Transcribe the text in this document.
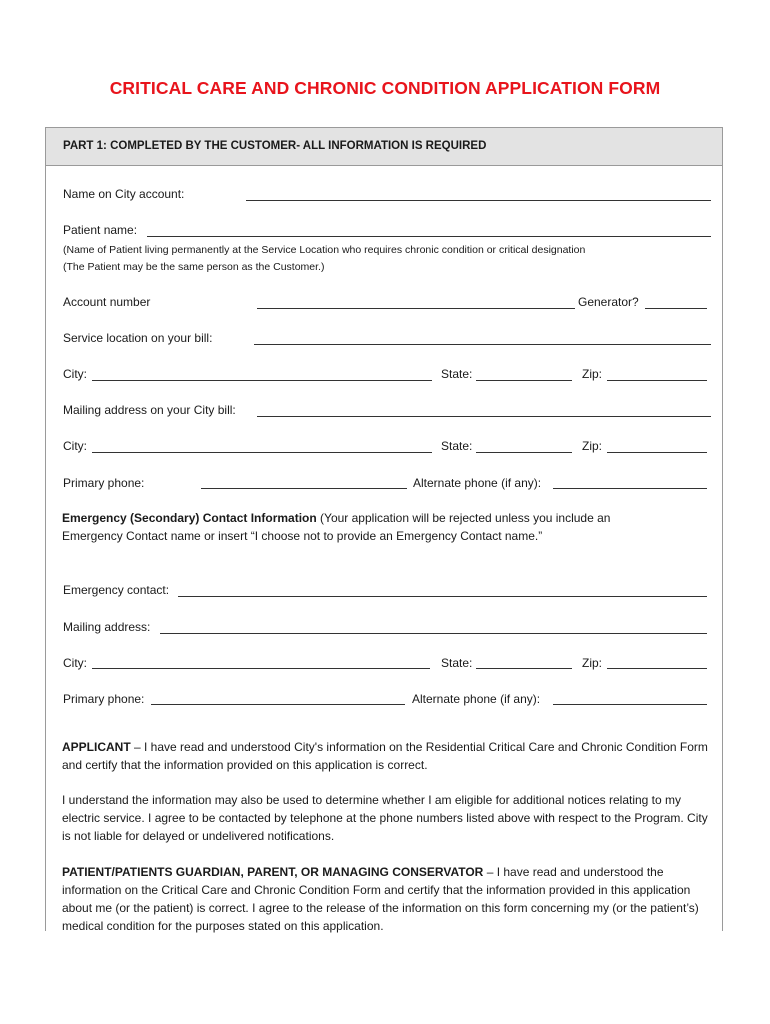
CRITICAL CARE AND CHRONIC CONDITION APPLICATION FORM
PART 1: COMPLETED BY THE CUSTOMER- ALL INFORMATION IS REQUIRED
Name on City account:
Patient name:
(Name of Patient living permanently at the Service Location who requires chronic condition or critical designation
(The Patient may be the same person as the Customer.)
Account number	Generator?
Service location on your bill:
City:	State:	Zip:
Mailing address on your City bill:
City:	State:	Zip:
Primary phone:	Alternate phone (if any):
Emergency (Secondary) Contact Information (Your application will be rejected unless you include an
Emergency Contact name or insert “I choose not to provide an Emergency Contact name.”
Emergency contact:
Mailing address:
City:	State:	Zip:
Primary phone:	Alternate phone (if any):
APPLICANT – I have read and understood City's information on the Residential Critical Care and Chronic Condition Form and certify that the information provided on this application is correct.
I understand the information may also be used to determine whether I am eligible for additional notices relating to my electric service. I agree to be contacted by telephone at the phone numbers listed above with respect to the Program. City is not liable for delayed or undelivered notifications.
PATIENT/PATIENTS GUARDIAN, PARENT, OR MANAGING CONSERVATOR – I have read and understood the information on the Critical Care and Chronic Condition Form and certify that the information provided in this application about me (or the patient) is correct. I agree to the release of the information on this form concerning my (or the patient’s) medical condition for the purposes stated on this application.
